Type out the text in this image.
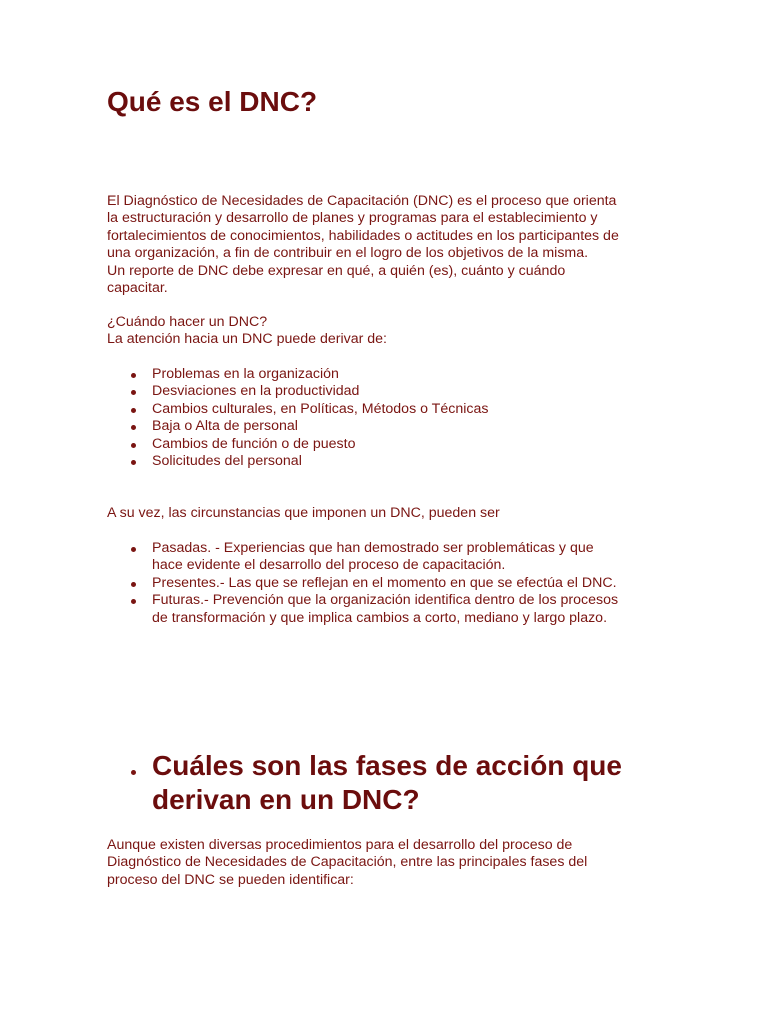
Qué es el DNC?

El Diagnóstico de Necesidades de Capacitación (DNC) es el proceso que orienta
la estructuración y desarrollo de planes y programas para el establecimiento y
fortalecimientos de conocimientos, habilidades o actitudes en los participantes de
una organización, a fin de contribuir en el logro de los objetivos de la misma.
Un reporte de DNC debe expresar en qué, a quién (es), cuánto y cuándo
capacitar.

¿Cuándo hacer un DNC?
La atención hacia un DNC puede derivar de:

Problemas en la organización
Desviaciones en la productividad
Cambios culturales, en Políticas, Métodos o Técnicas
Baja o Alta de personal
Cambios de función o de puesto
Solicitudes del personal

A su vez, las circunstancias que imponen un DNC, pueden ser

Pasadas. - Experiencias que han demostrado ser problemáticas y que
hace evidente el desarrollo del proceso de capacitación.
Presentes.- Las que se reflejan en el momento en que se efectúa el DNC.
Futuras.- Prevención que la organización identifica dentro de los procesos
de transformación y que implica cambios a corto, mediano y largo plazo.
Cuáles son las fases de acción que
derivan en un DNC?

Aunque existen diversas procedimientos para el desarrollo del proceso de
Diagnóstico de Necesidades de Capacitación, entre las principales fases del
proceso del DNC se pueden identificar:
